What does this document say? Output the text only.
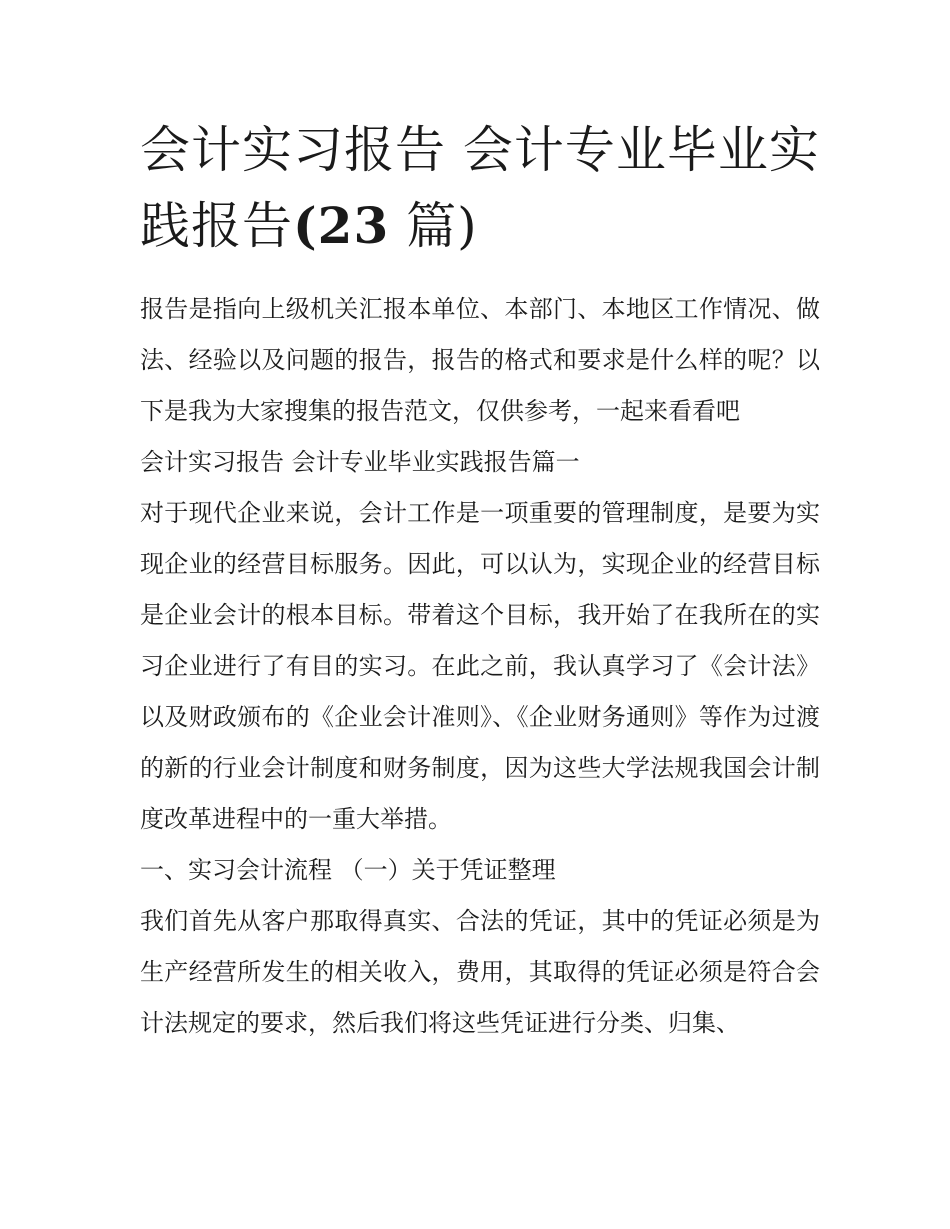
会计实习报告 会计专业毕业实
践报告(23 篇)

报告是指向上级机关汇报本单位、本部门、本地区工作情况、做法、经验以及问题的报告，报告的格式和要求是什么样的呢？以下是我为大家搜集的报告范文，仅供参考，一起来看看吧

会计实习报告 会计专业毕业实践报告篇一

对于现代企业来说，会计工作是一项重要的管理制度，是要为实现企业的经营目标服务。因此，可以认为，实现企业的经营目标是企业会计的根本目标。带着这个目标，我开始了在我所在的实习企业进行了有目的实习。在此之前，我认真学习了《会计法》以及财政颁布的《企业会计准则》、《企业财务通则》等作为过渡的新的行业会计制度和财务制度，因为这些大学法规我国会计制度改革进程中的一重大举措。

一、实习会计流程 （一）关于凭证整理

我们首先从客户那取得真实、合法的凭证，其中的凭证必须是为生产经营所发生的相关收入，费用，其取得的凭证必须是符合会计法规定的要求，然后我们将这些凭证进行分类、归集、
